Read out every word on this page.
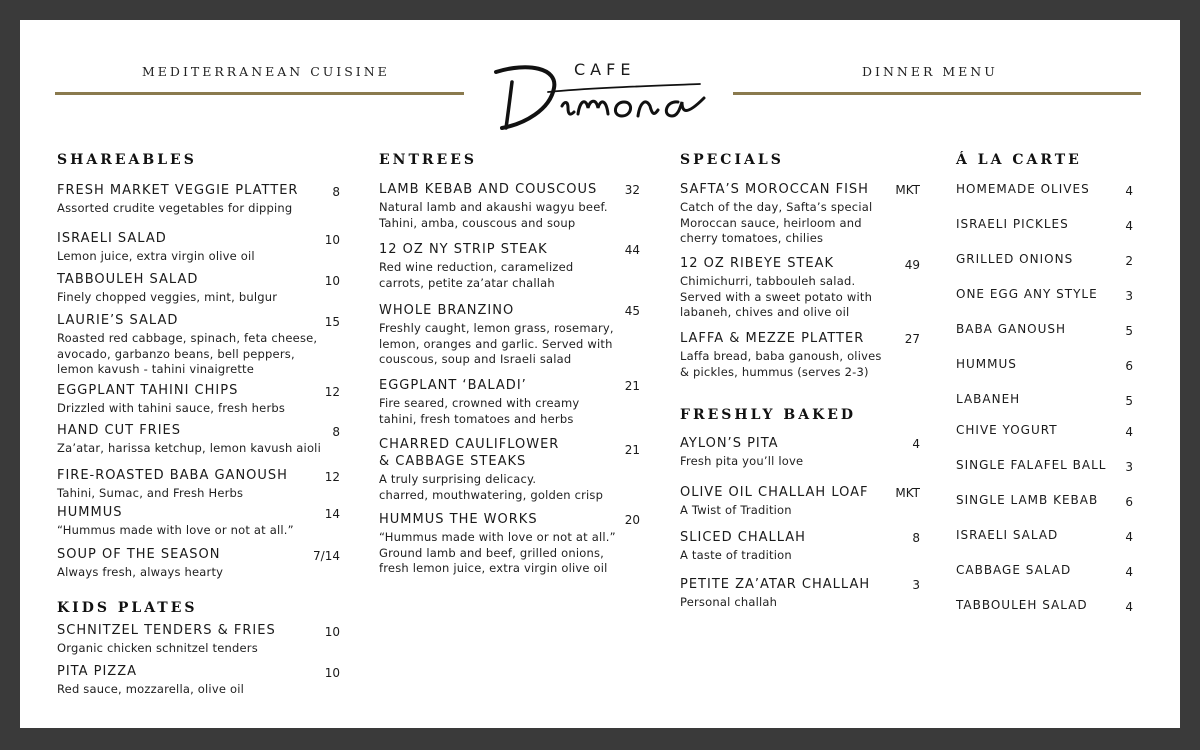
MEDITERRANEAN CUISINE	DINNER MENU
CAFE
SHAREABLES
FRESH MARKET VEGGIE PLATTER
Assorted crudite vegetables for dipping
8
ISRAELI SALAD
Lemon juice, extra virgin olive oil
10
TABBOULEH SALAD
Finely chopped veggies, mint, bulgur
10
LAURIE’S SALAD
Roasted red cabbage, spinach, feta cheese,
avocado, garbanzo beans, bell peppers,
lemon kavush - tahini vinaigrette
15
EGGPLANT TAHINI CHIPS
Drizzled with tahini sauce, fresh herbs
12
HAND CUT FRIES
Za’atar, harissa ketchup, lemon kavush aioli
8
FIRE-ROASTED BABA GANOUSH
Tahini, Sumac, and Fresh Herbs
12
HUMMUS
“Hummus made with love or not at all.”
14
SOUP OF THE SEASON
Always fresh, always hearty
7/14
KIDS PLATES
SCHNITZEL TENDERS & FRIES
Organic chicken schnitzel tenders
10
PITA PIZZA
Red sauce, mozzarella, olive oil
10
ENTREES
LAMB KEBAB AND COUSCOUS
Natural lamb and akaushi wagyu beef.
Tahini, amba, couscous and soup
32
12 OZ NY STRIP STEAK
Red wine reduction, caramelized
carrots, petite za’atar challah
44
WHOLE BRANZINO
Freshly caught, lemon grass, rosemary,
lemon, oranges and garlic. Served with
couscous, soup and Israeli salad
45
EGGPLANT ‘BALADI’
Fire seared, crowned with creamy
tahini, fresh tomatoes and herbs
21
CHARRED CAULIFLOWER
& CABBAGE STEAKS
A truly surprising delicacy.
charred, mouthwatering, golden crisp
21
HUMMUS THE WORKS
“Hummus made with love or not at all.”
Ground lamb and beef, grilled onions,
fresh lemon juice, extra virgin olive oil
20
SPECIALS
SAFTA’S MOROCCAN FISH
Catch of the day, Safta’s special
Moroccan sauce, heirloom and
cherry tomatoes, chilies
MKT
12 OZ RIBEYE STEAK
Chimichurri, tabbouleh salad.
Served with a sweet potato with
labaneh, chives and olive oil
49
LAFFA & MEZZE PLATTER
Laffa bread, baba ganoush, olives
& pickles, hummus (serves 2-3)
27
FRESHLY BAKED
AYLON’S PITA
Fresh pita you’ll love
4
OLIVE OIL CHALLAH LOAF
A Twist of Tradition
MKT
SLICED CHALLAH
A taste of tradition
8
PETITE ZA’ATAR CHALLAH
Personal challah
3
Á LA CARTE
HOMEMADE OLIVES	4
ISRAELI PICKLES	4
GRILLED ONIONS	2
ONE EGG ANY STYLE 3
BABA GANOUSH	5
HUMMUS	6
LABANEH	5
CHIVE YOGURT	4
SINGLE FALAFEL BALL 3
SINGLE LAMB KEBAB 6
ISRAELI SALAD	4
CABBAGE SALAD	4
TABBOULEH SALAD	4
